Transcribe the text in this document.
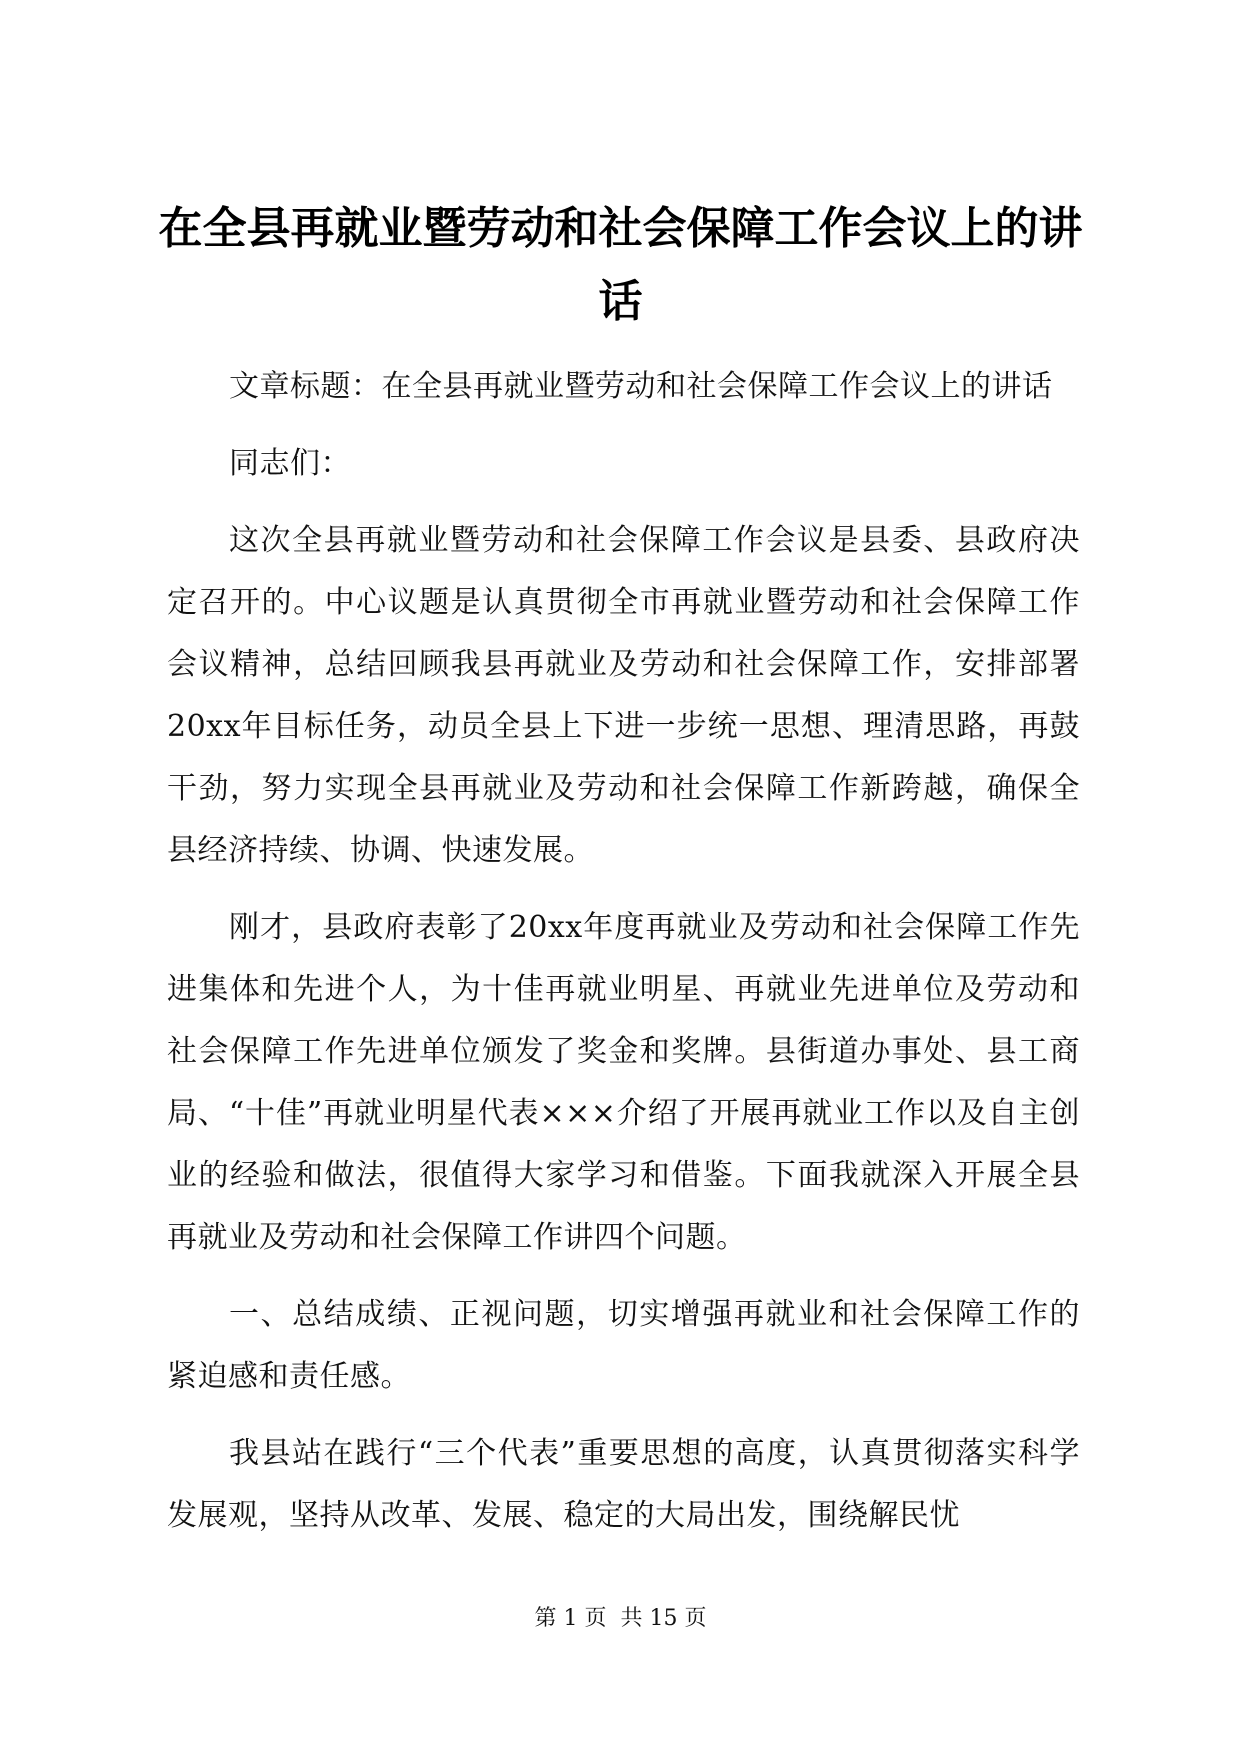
在全县再就业暨劳动和社会保障工作会议上的讲话

文章标题：在全县再就业暨劳动和社会保障工作会议上的讲话

同志们：

这次全县再就业暨劳动和社会保障工作会议是县委、县政府决定召开的。中心议题是认真贯彻全市再就业暨劳动和社会保障工作会议精神，总结回顾我县再就业及劳动和社会保障工作，安排部署20xx年目标任务，动员全县上下进一步统一思想、理清思路，再鼓干劲，努力实现全县再就业及劳动和社会保障工作新跨越，确保全县经济持续、协调、快速发展。

刚才，县政府表彰了20xx年度再就业及劳动和社会保障工作先进集体和先进个人，为十佳再就业明星、再就业先进单位及劳动和社会保障工作先进单位颁发了奖金和奖牌。县街道办事处、县工商局、“十佳”再就业明星代表×××介绍了开展再就业工作以及自主创业的经验和做法，很值得大家学习和借鉴。下面我就深入开展全县再就业及劳动和社会保障工作讲四个问题。

一、总结成绩、正视问题，切实增强再就业和社会保障工作的紧迫感和责任感。

我县站在践行“三个代表”重要思想的高度，认真贯彻落实科学发展观，坚持从改革、发展、稳定的大局出发，围绕解民忧

第 1 页 共 15 页
